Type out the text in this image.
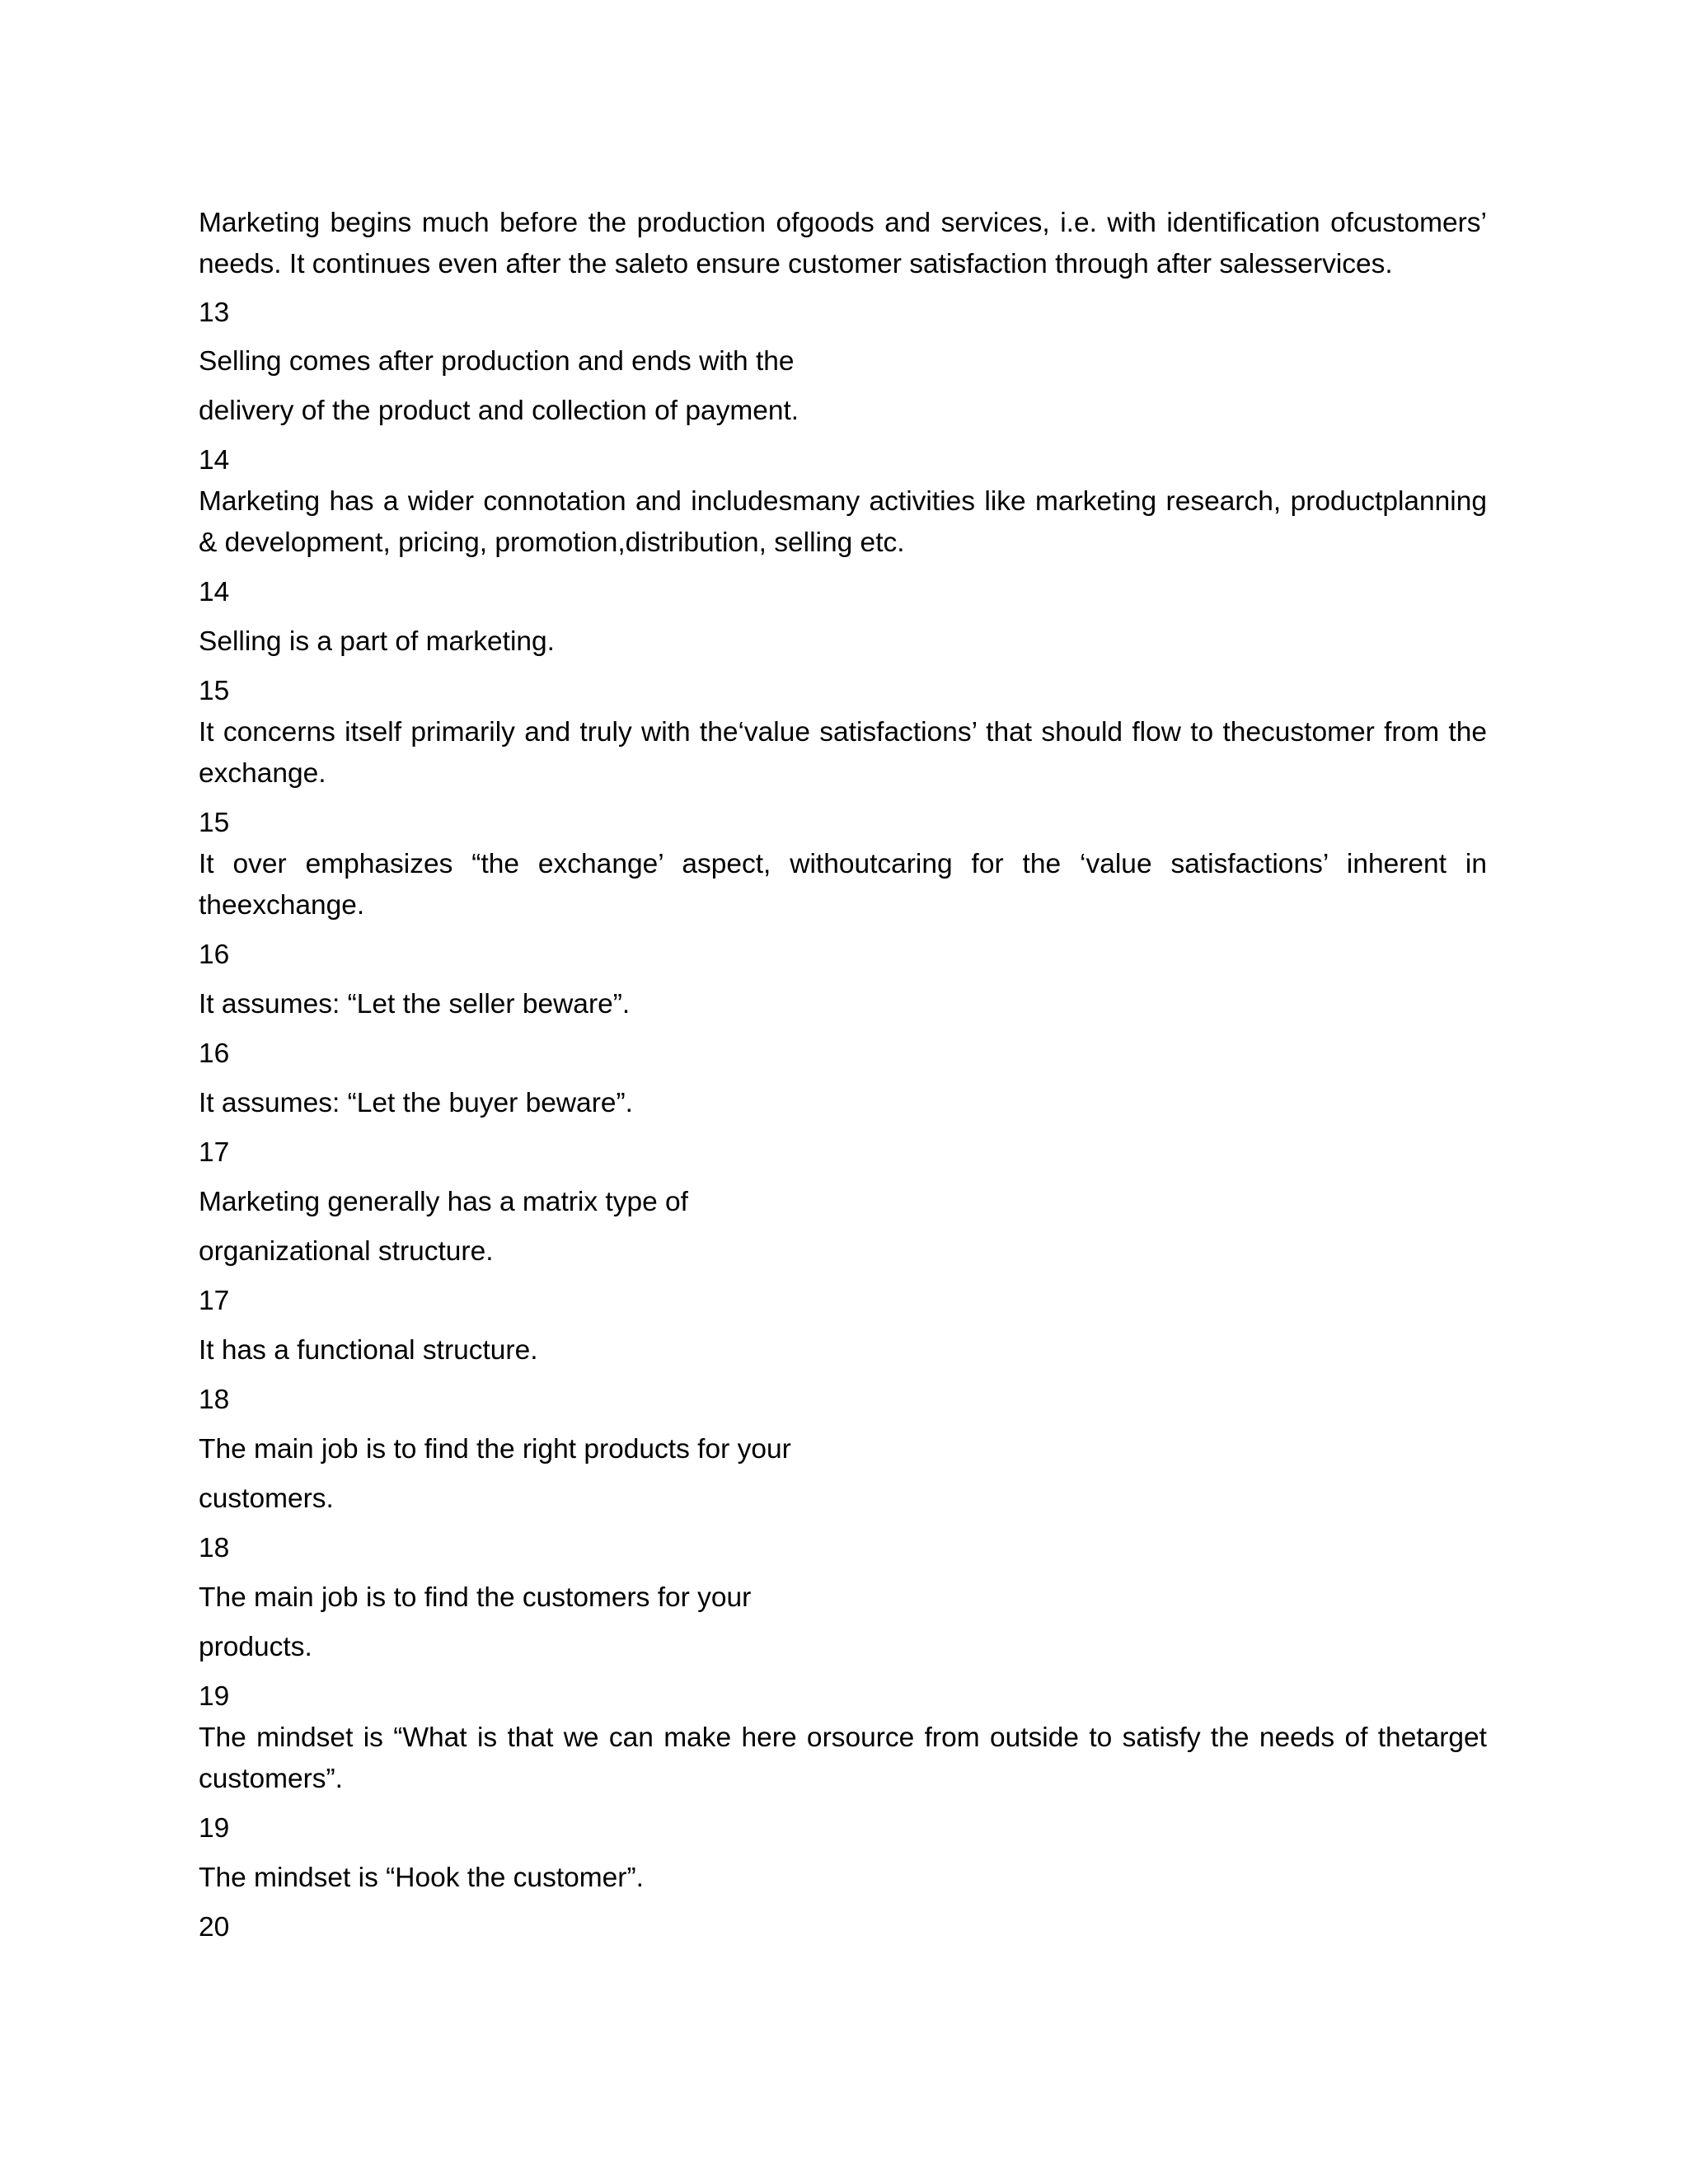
Marketing begins much before the production ofgoods and services, i.e. with identification ofcustomers’ needs. It continues even after the saleto ensure customer satisfaction through after salesservices.

13

Selling comes after production and ends with the

delivery of the product and collection of payment.

14

Marketing has a wider connotation and includesmany activities like marketing research, productplanning & development, pricing, promotion,distribution, selling etc.

14

Selling is a part of marketing.

15

It concerns itself primarily and truly with the‘value satisfactions’ that should flow to thecustomer from the exchange.

15

It over emphasizes “the exchange’ aspect, withoutcaring for the ‘value satisfactions’ inherent in theexchange.

16

It assumes: “Let the seller beware”.

16

It assumes: “Let the buyer beware”.

17

Marketing generally has a matrix type of

organizational structure.

17

It has a functional structure.

18

The main job is to find the right products for your

customers.

18

The main job is to find the customers for your

products.

19

The mindset is “What is that we can make here orsource from outside to satisfy the needs of thetarget customers”.

19

The mindset is “Hook the customer”.

20
